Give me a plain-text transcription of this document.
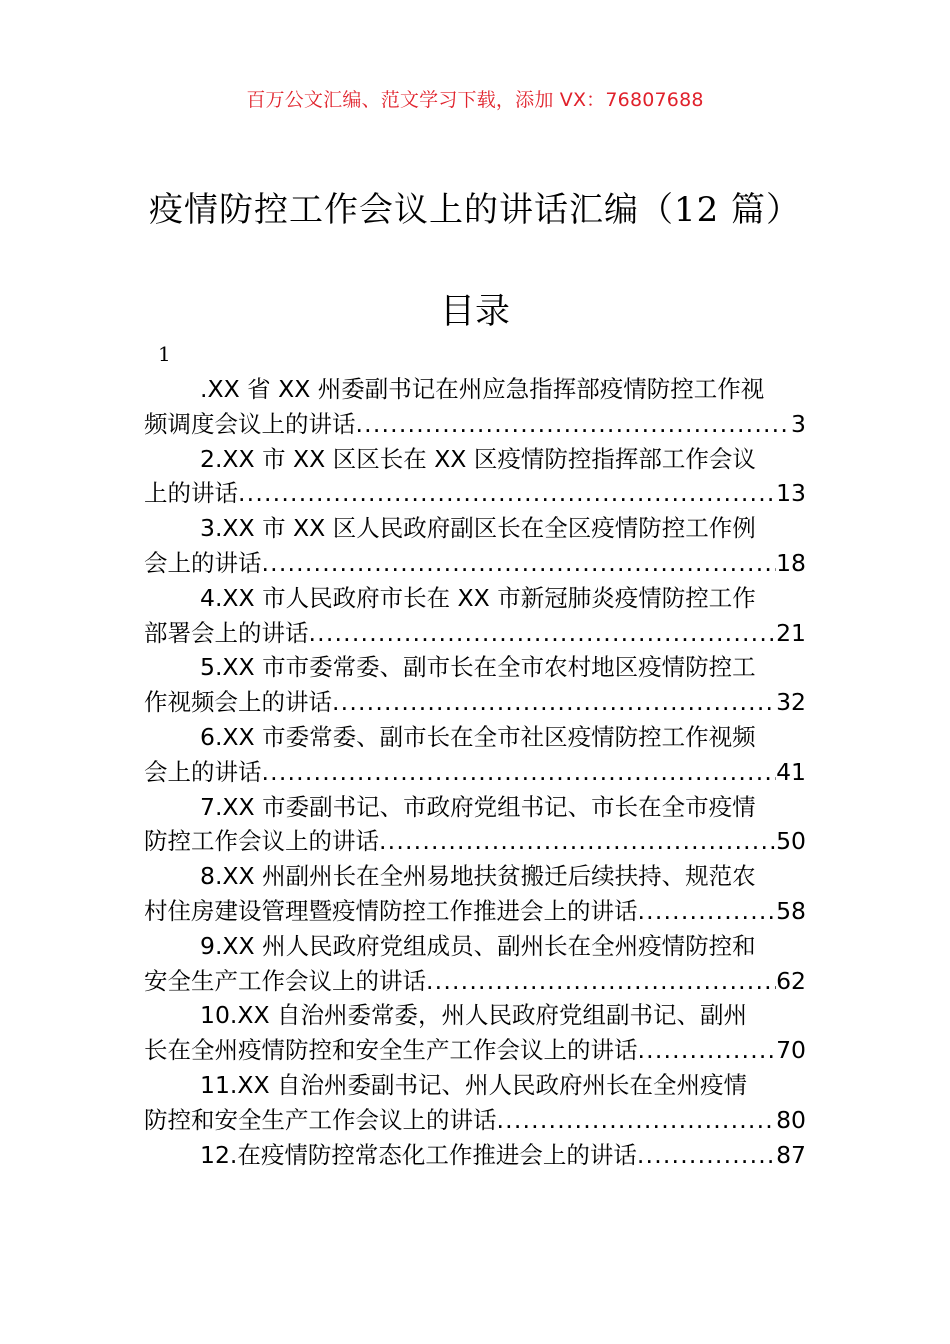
百万公文汇编、范文学习下载，添加 VX：76807688
疫情防控工作会议上的讲话汇编（12 篇）
目录
1
.XX 省 XX 州委副书记在州应急指挥部疫情防控工作视
频调度会议上的讲话 .....	3
2.XX 市 XX 区区长在 XX 区疫情防控指挥部工作会议
上的讲话 .....	13
3.XX 市 XX 区人民政府副区长在全区疫情防控工作例
会上的讲话 .....	18
4.XX 市人民政府市长在 XX 市新冠肺炎疫情防控工作
部署会上的讲话 .....	21
5.XX 市市委常委、副市长在全市农村地区疫情防控工
作视频会上的讲话 .....	32
6.XX 市委常委、副市长在全市社区疫情防控工作视频
会上的讲话 .....	41
7.XX 市委副书记、市政府党组书记、市长在全市疫情
防控工作会议上的讲话 .....	50
8.XX 州副州长在全州易地扶贫搬迁后续扶持、规范农
村住房建设管理暨疫情防控工作推进会上的讲话 .....	58
9.XX 州人民政府党组成员、副州长在全州疫情防控和
安全生产工作会议上的讲话 .....	62
10.XX 自治州委常委，州人民政府党组副书记、副州
长在全州疫情防控和安全生产工作会议上的讲话 .....	70
11.XX 自治州委副书记、州人民政府州长在全州疫情
防控和安全生产工作会议上的讲话 .....	80
12.在疫情防控常态化工作推进会上的讲话 .....	87
